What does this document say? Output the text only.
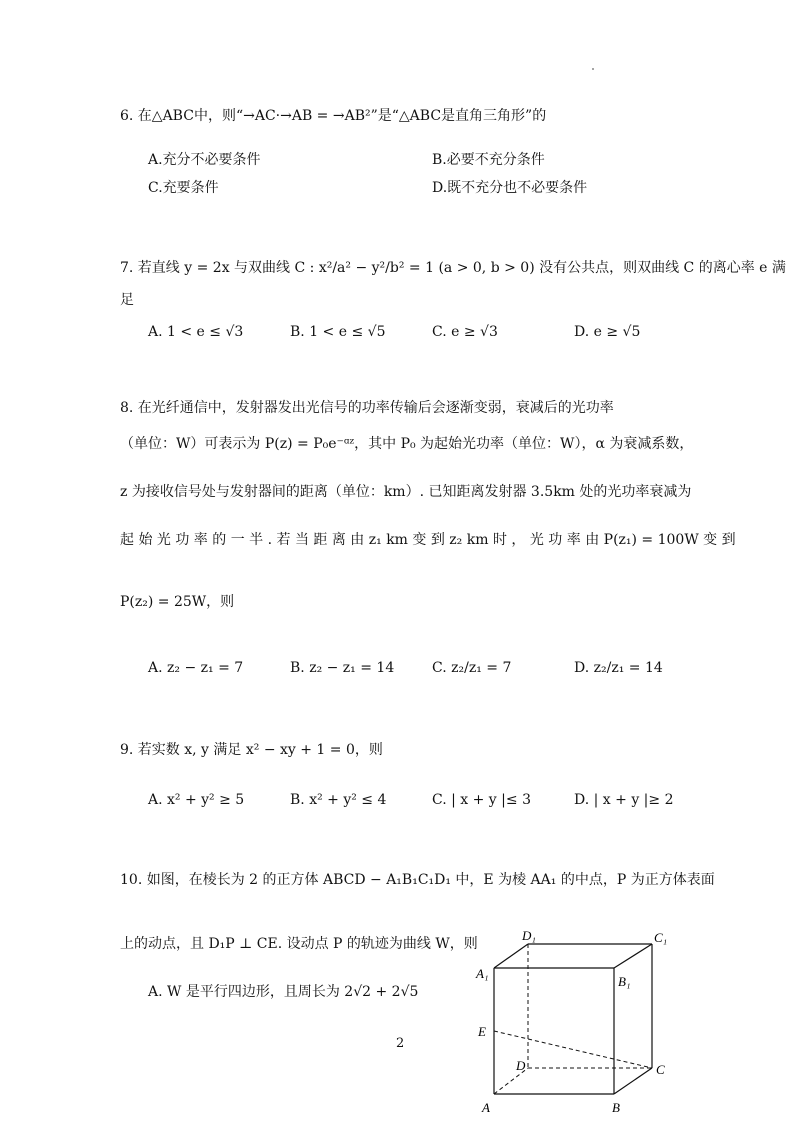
6. 在△ABC中，则“→AC·→AB = →AB²”是“△ABC是直角三角形”的
A.充分不必要条件	B.必要不充分条件
C.充要条件	D.既不充分也不必要条件
7. 若直线 y = 2x 与双曲线 C : x²/a² − y²/b² = 1 (a > 0, b > 0) 没有公共点，则双曲线 C 的离心率 e 满
足
A. 1 < e ≤ √3	B. 1 < e ≤ √5	C. e ≥ √3	D. e ≥ √5
8. 在光纤通信中，发射器发出光信号的功率传输后会逐渐变弱，衰减后的光功率
（单位：W）可表示为 P(z) = P₀e⁻ᵅᶻ，其中 P₀ 为起始光功率（单位：W），α 为衰减系数，
z 为接收信号处与发射器间的距离（单位：km）. 已知距离发射器 3.5km 处的光功率衰减为
起 始 光 功 率 的 一 半 . 若 当 距 离 由 z₁ km 变 到 z₂ km 时 ， 光 功 率 由 P(z₁) = 100W 变 到
P(z₂) = 25W，则
A. z₂ − z₁ = 7	B. z₂ − z₁ = 14	C. z₂/z₁ = 7	D. z₂/z₁ = 14
9. 若实数 x, y 满足 x² − xy + 1 = 0，则
A. x² + y² ≥ 5	B. x² + y² ≤ 4	C. | x + y |≤ 3	D. | x + y |≥ 2
10. 如图，在棱长为 2 的正方体 ABCD − A₁B₁C₁D₁ 中，E 为棱 AA₁ 的中点，P 为正方体表面
上的动点，且 D₁P ⊥ CE. 设动点 P 的轨迹为曲线 W，则
A. W 是平行四边形，且周长为 2√2 + 2√5
2
D₁	C₁
A₁
B₁
E
D	C
A	B
